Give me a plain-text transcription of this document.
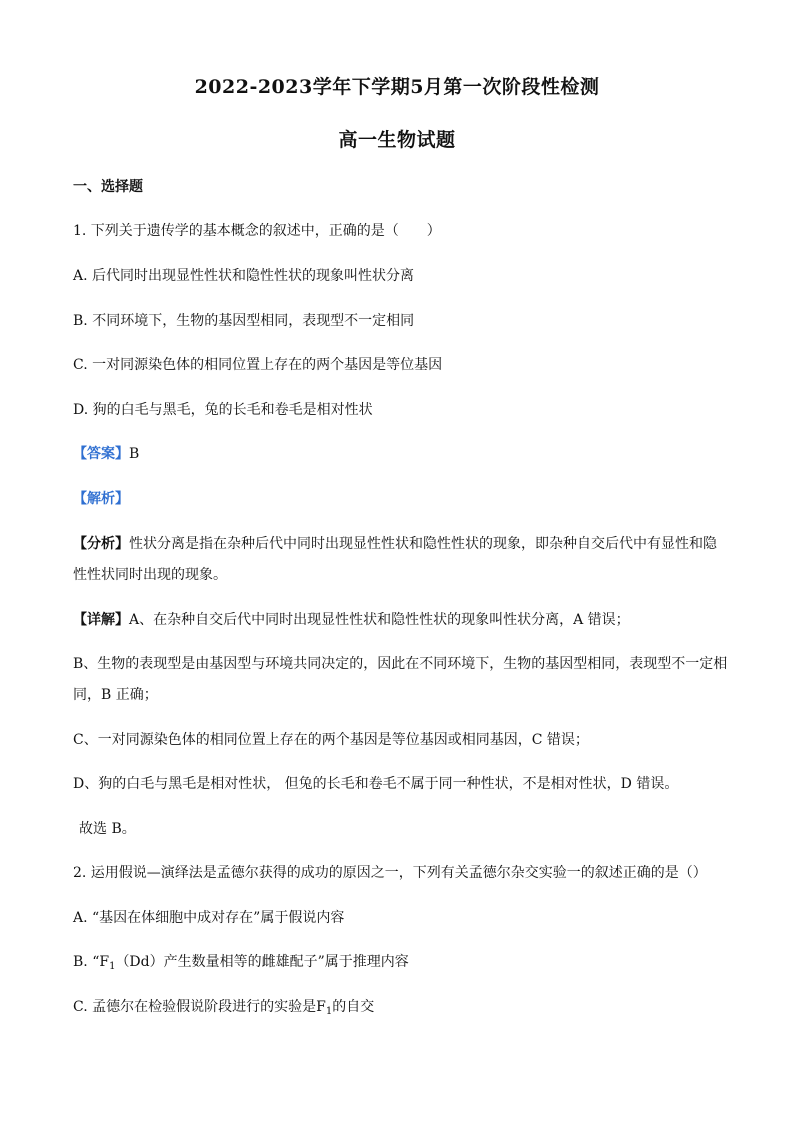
2022-2023学年下学期5月第一次阶段性检测
高一生物试题
一、选择题
1. 下列关于遗传学的基本概念的叙述中，正确的是（　　）
A. 后代同时出现显性性状和隐性性状的现象叫性状分离
B. 不同环境下，生物的基因型相同，表现型不一定相同
C. 一对同源染色体的相同位置上存在的两个基因是等位基因
D. 狗的白毛与黑毛，兔的长毛和卷毛是相对性状
【答案】B
【解析】
【分析】性状分离是指在杂种后代中同时出现显性性状和隐性性状的现象，即杂种自交后代中有显性和隐
性性状同时出现的现象。
【详解】A、在杂种自交后代中同时出现显性性状和隐性性状的现象叫性状分离，A 错误；
B、生物的表现型是由基因型与环境共同决定的，因此在不同环境下，生物的基因型相同，表现型不一定相
同，B 正确；
C、一对同源染色体的相同位置上存在的两个基因是等位基因或相同基因，C 错误；
D、狗的白毛与黑毛是相对性状， 但兔的长毛和卷毛不属于同一种性状，不是相对性状，D 错误。
故选 B。
2. 运用假说—演绎法是孟德尔获得的成功的原因之一，下列有关孟德尔杂交实验一的叙述正确的是（）
A. “基因在体细胞中成对存在”属于假说内容
B. “$F_1(Dd)$产生数量相等的雌雄配子”属于推理内容
C. 孟德尔在检验假说阶段进行的实验是$F_1$的自交
